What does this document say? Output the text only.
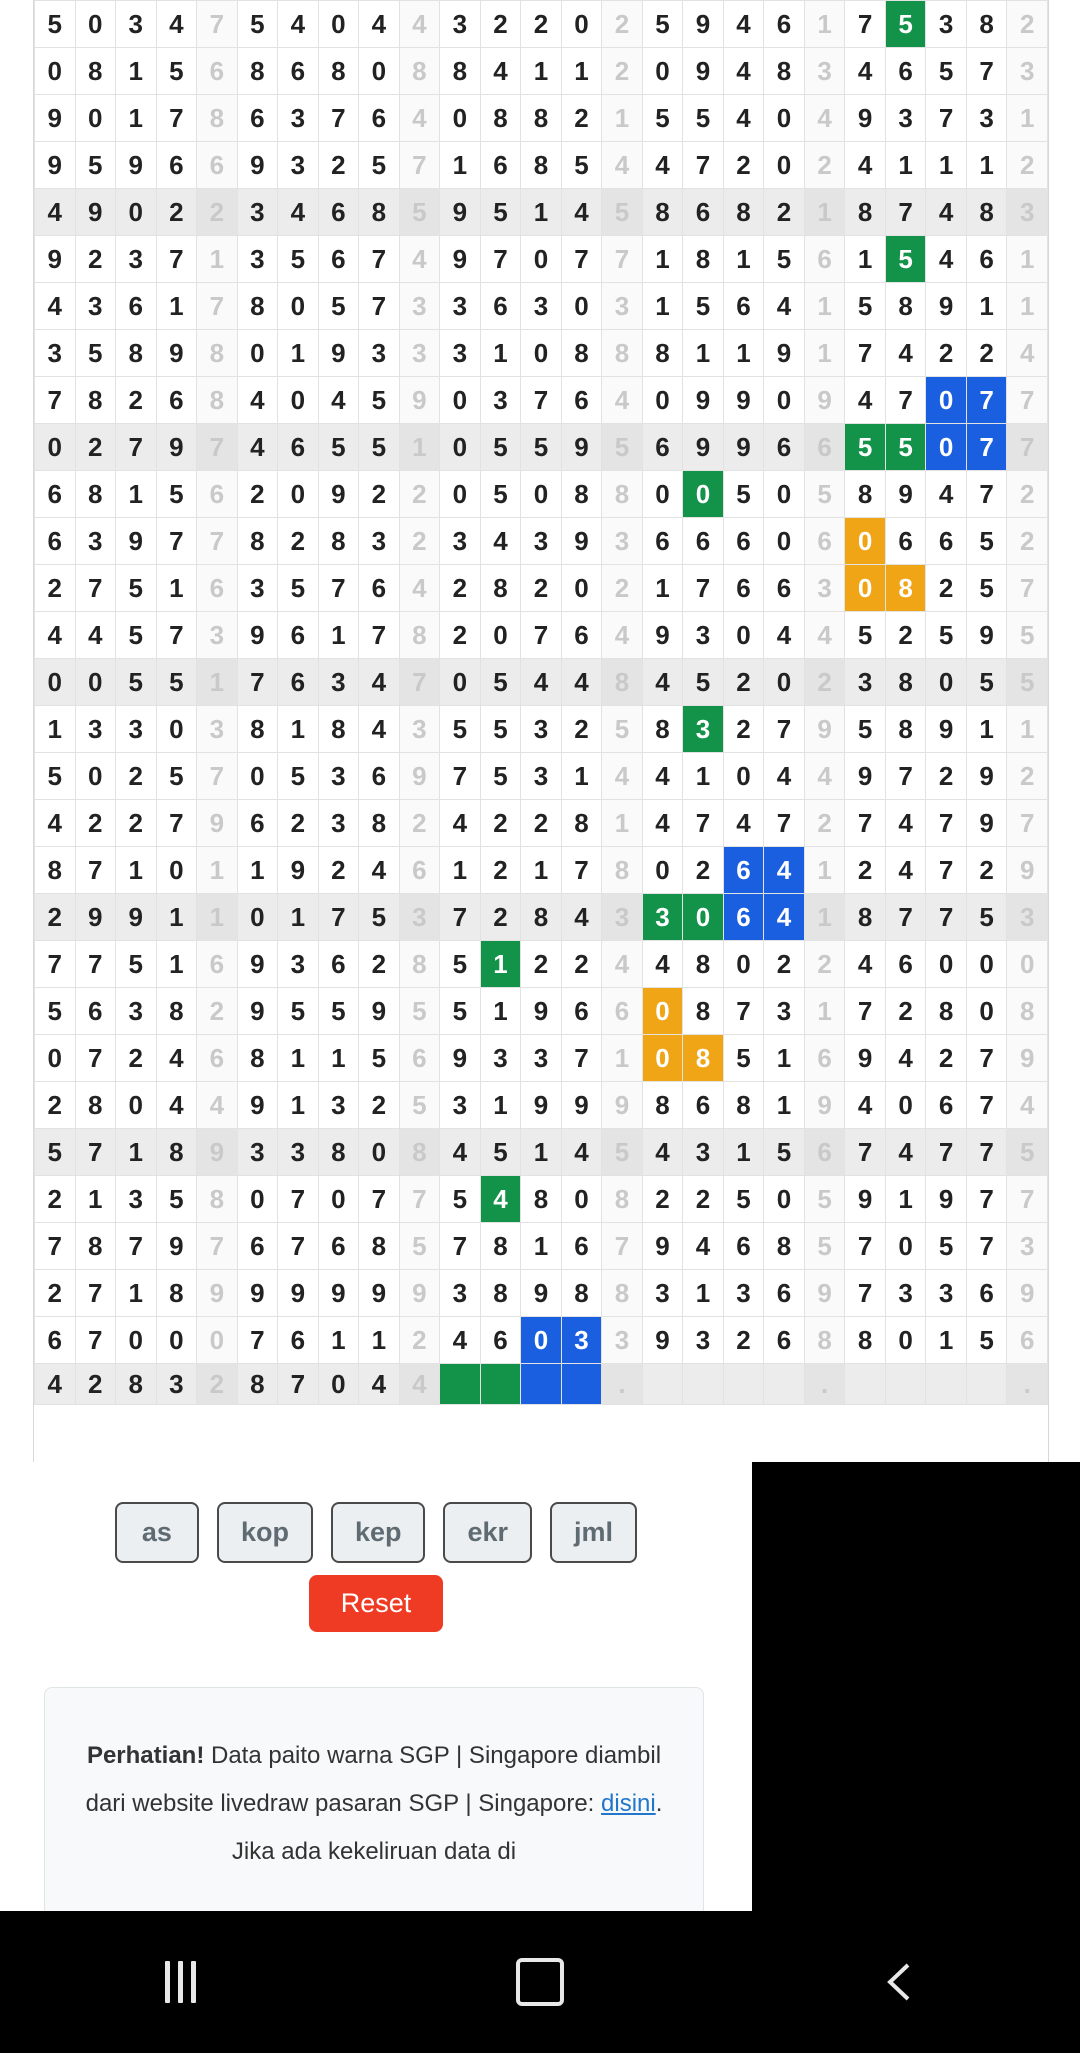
5	0	3	4	7	5	4	0	4	4	3	2	2	0	2	5	9	4	6	1	7	5	3	8	2
0	8	1	5	6	8	6	8	0	8	8	4	1	1	2	0	9	4	8	3	4	6	5	7	3
9	0	1	7	8	6	3	7	6	4	0	8	8	2	1	5	5	4	0	4	9	3	7	3	1
9	5	9	6	6	9	3	2	5	7	1	6	8	5	4	4	7	2	0	2	4	1	1	1	2
4	9	0	2	2	3	4	6	8	5	9	5	1	4	5	8	6	8	2	1	8	7	4	8	3
9	2	3	7	1	3	5	6	7	4	9	7	0	7	7	1	8	1	5	6	1	5	4	6	1
4	3	6	1	7	8	0	5	7	3	3	6	3	0	3	1	5	6	4	1	5	8	9	1	1
3	5	8	9	8	0	1	9	3	3	3	1	0	8	8	8	1	1	9	1	7	4	2	2	4
7	8	2	6	8	4	0	4	5	9	0	3	7	6	4	0	9	9	0	9	4	7	0	7	7
0	2	7	9	7	4	6	5	5	1	0	5	5	9	5	6	9	9	6	6	5	5	0	7	7
6	8	1	5	6	2	0	9	2	2	0	5	0	8	8	0	0	5	0	5	8	9	4	7	2
6	3	9	7	7	8	2	8	3	2	3	4	3	9	3	6	6	6	0	6	0	6	6	5	2
2	7	5	1	6	3	5	7	6	4	2	8	2	0	2	1	7	6	6	3	0	8	2	5	7
4	4	5	7	3	9	6	1	7	8	2	0	7	6	4	9	3	0	4	4	5	2	5	9	5
0	0	5	5	1	7	6	3	4	7	0	5	4	4	8	4	5	2	0	2	3	8	0	5	5
1	3	3	0	3	8	1	8	4	3	5	5	3	2	5	8	3	2	7	9	5	8	9	1	1
5	0	2	5	7	0	5	3	6	9	7	5	3	1	4	4	1	0	4	4	9	7	2	9	2
4	2	2	7	9	6	2	3	8	2	4	2	2	8	1	4	7	4	7	2	7	4	7	9	7
8	7	1	0	1	1	9	2	4	6	1	2	1	7	8	0	2	6	4	1	2	4	7	2	9
2	9	9	1	1	0	1	7	5	3	7	2	8	4	3	3	0	6	4	1	8	7	7	5	3
7	7	5	1	6	9	3	6	2	8	5	1	2	2	4	4	8	0	2	2	4	6	0	0	0
5	6	3	8	2	9	5	5	9	5	5	1	9	6	6	0	8	7	3	1	7	2	8	0	8
0	7	2	4	6	8	1	1	5	6	9	3	3	7	1	0	8	5	1	6	9	4	2	7	9
2	8	0	4	4	9	1	3	2	5	3	1	9	9	9	8	6	8	1	9	4	0	6	7	4
5	7	1	8	9	3	3	8	0	8	4	5	1	4	5	4	3	1	5	6	7	4	7	7	5
2	1	3	5	8	0	7	0	7	7	5	4	8	0	8	2	2	5	0	5	9	1	9	7	7
7	8	7	9	7	6	7	6	8	5	7	8	1	6	7	9	4	6	8	5	7	0	5	7	3
2	7	1	8	9	9	9	9	9	9	3	8	9	8	8	3	1	3	6	9	7	3	3	6	9
6	7	0	0	0	7	6	1	1	2	4	6	0	3	3	9	3	2	6	8	8	0	1	5	6
4	2	8	3	2	8	7	0	4	4					.					.					.
as	kop	kep	ekr	jml
Reset
Perhatian! Data paito warna SGP | Singapore diambil dari website livedraw pasaran SGP | Singapore: disini. Jika ada kekeliruan data di
